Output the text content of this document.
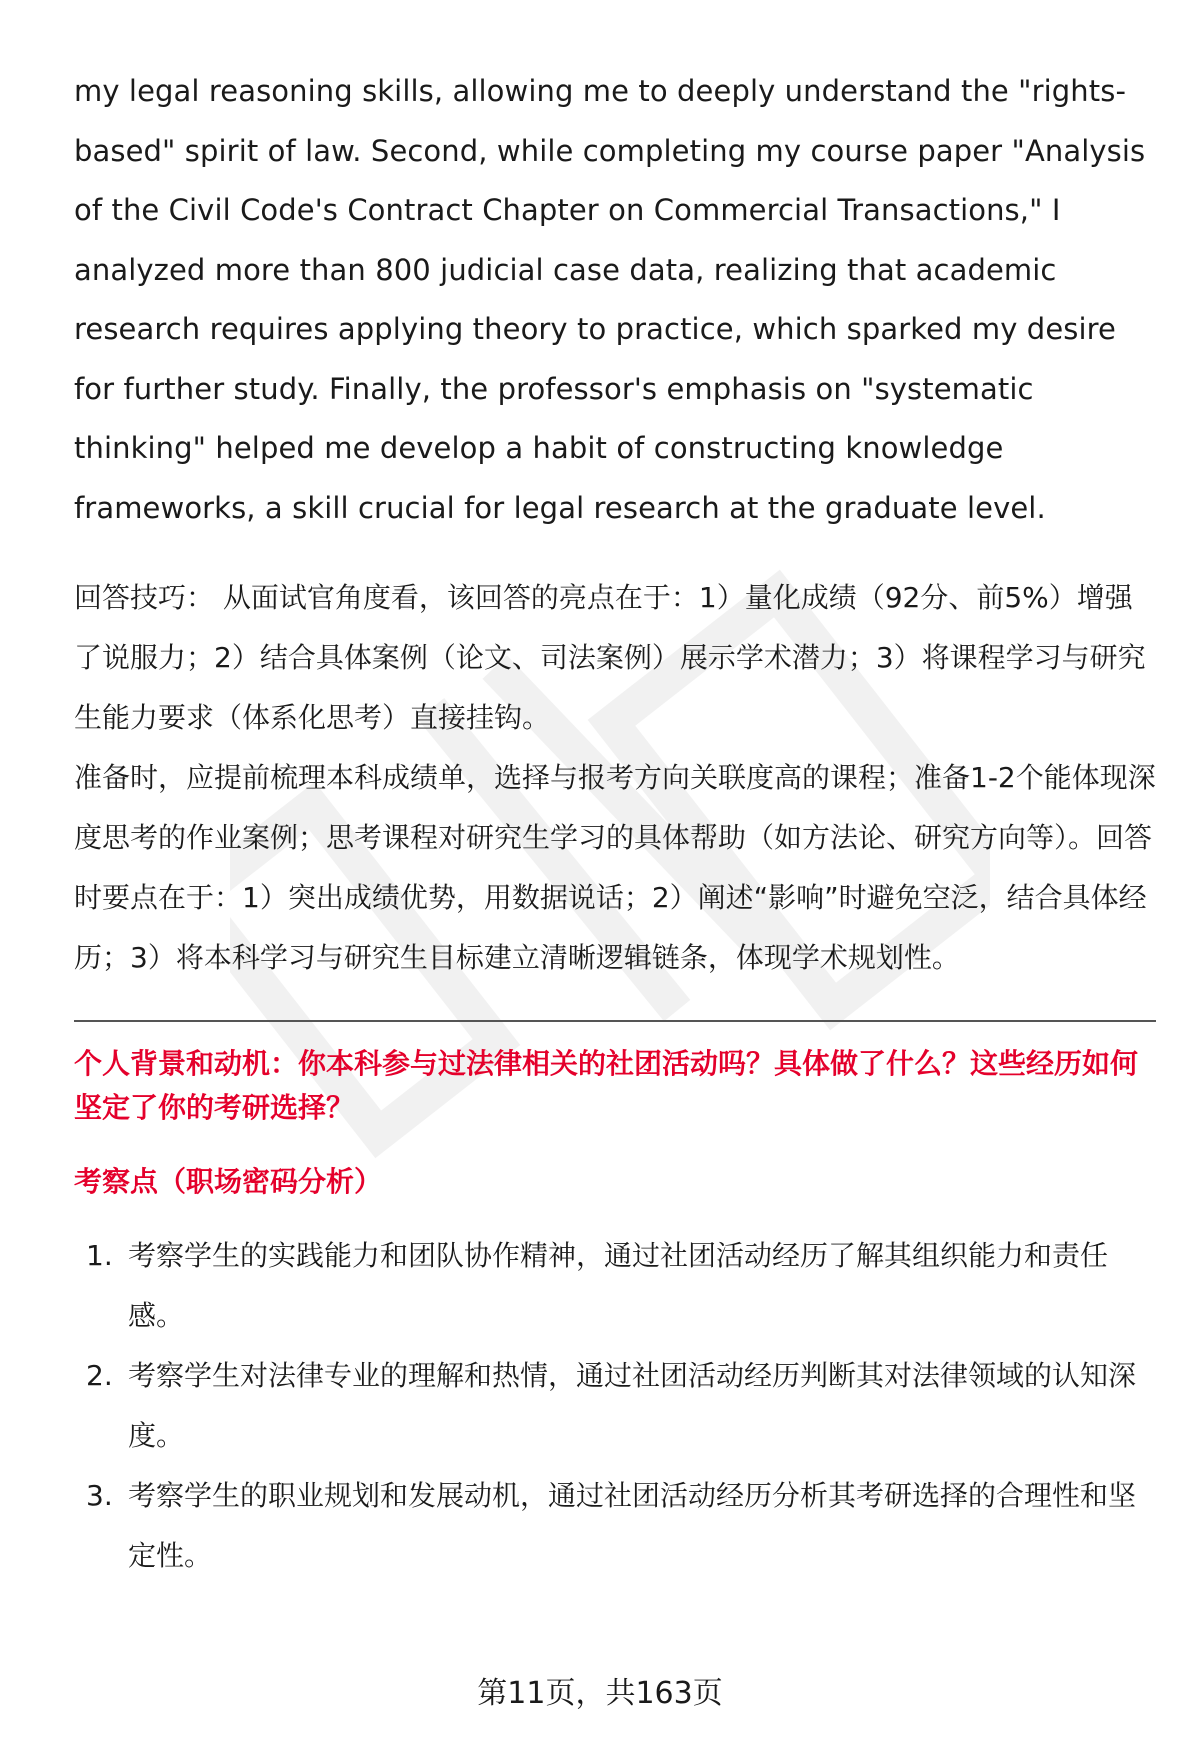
my legal reasoning skills, allowing me to deeply understand the "rights-based" spirit of law. Second, while completing my course paper "Analysis of the Civil Code's Contract Chapter on Commercial Transactions," I analyzed more than 800 judicial case data, realizing that academic research requires applying theory to practice, which sparked my desire for further study. Finally, the professor's emphasis on "systematic thinking" helped me develop a habit of constructing knowledge frameworks, a skill crucial for legal research at the graduate level.

回答技巧： 从面试官角度看，该回答的亮点在于：1）量化成绩（92分、前5%）增强了说服力；2）结合具体案例（论文、司法案例）展示学术潜力；3）将课程学习与研究生能力要求（体系化思考）直接挂钩。

准备时，应提前梳理本科成绩单，选择与报考方向关联度高的课程；准备1-2个能体现深度思考的作业案例；思考课程对研究生学习的具体帮助（如方法论、研究方向等）。回答时要点在于：1）突出成绩优势，用数据说话；2）阐述“影响”时避免空泛，结合具体经历；3）将本科学习与研究生目标建立清晰逻辑链条，体现学术规划性。

个人背景和动机：你本科参与过法律相关的社团活动吗？具体做了什么？这些经历如何坚定了你的考研选择？

考察点（职场密码分析）

1. 考察学生的实践能力和团队协作精神，通过社团活动经历了解其组织能力和责任感。
2. 考察学生对法律专业的理解和热情，通过社团活动经历判断其对法律领域的认知深度。
3. 考察学生的职业规划和发展动机，通过社团活动经历分析其考研选择的合理性和坚定性。
第11页，共163页
